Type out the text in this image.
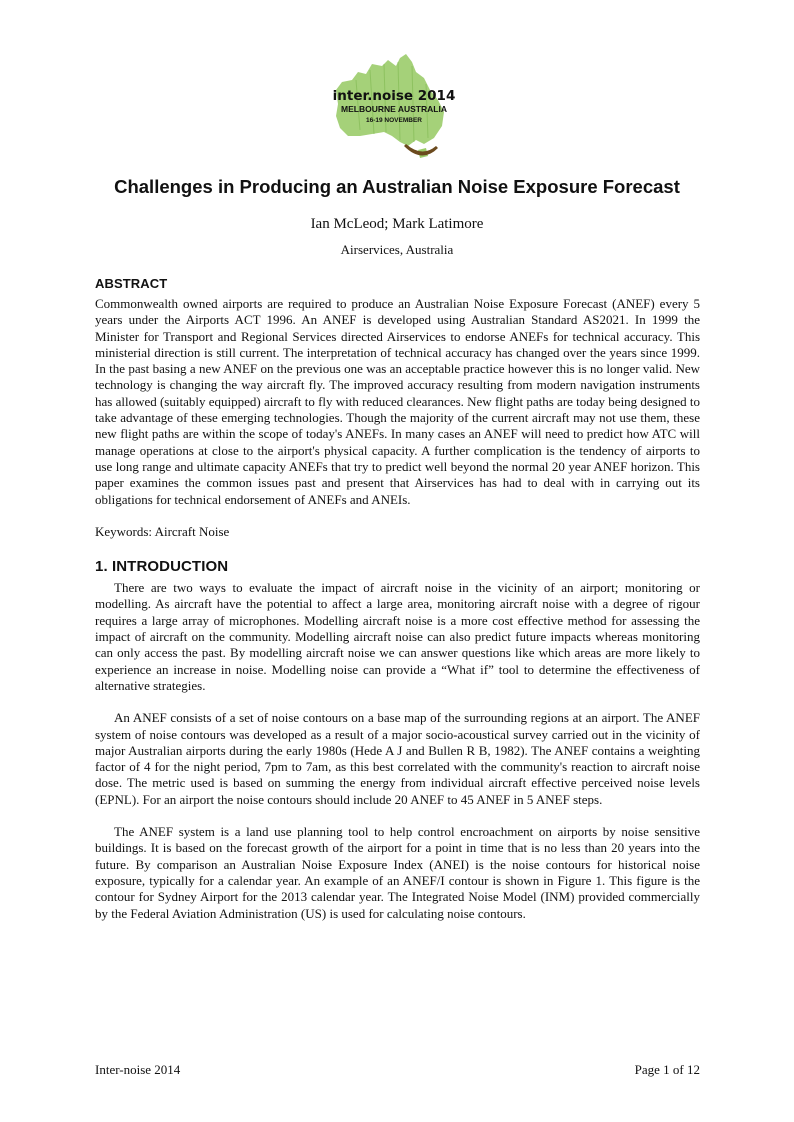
inter.noise 2014
MELBOURNE AUSTRALIA
16-19 NOVEMBER
Challenges in Producing an Australian Noise Exposure Forecast
Ian McLeod; Mark Latimore
Airservices, Australia
ABSTRACT

Commonwealth owned airports are required to produce an Australian Noise Exposure Forecast (ANEF) every 5 years under the Airports ACT 1996. An ANEF is developed using Australian Standard AS2021. In 1999 the Minister for Transport and Regional Services directed Airservices to endorse ANEFs for technical accuracy. This ministerial direction is still current. The interpretation of technical accuracy has changed over the years since 1999. In the past basing a new ANEF on the previous one was an acceptable practice however this is no longer valid. New technology is changing the way aircraft fly. The improved accuracy resulting from modern navigation instruments has allowed (suitably equipped) aircraft to fly with reduced clearances. New flight paths are today being designed to take advantage of these emerging technologies. Though the majority of the current aircraft may not use them, these new flight paths are within the scope of today's ANEFs. In many cases an ANEF will need to predict how ATC will manage operations at close to the airport's physical capacity. A further complication is the tendency of airports to use long range and ultimate capacity ANEFs that try to predict well beyond the normal 20 year ANEF horizon. This paper examines the common issues past and present that Airservices has had to deal with in carrying out its obligations for technical endorsement of ANEFs and ANEIs.

Keywords: Aircraft Noise

1. INTRODUCTION

There are two ways to evaluate the impact of aircraft noise in the vicinity of an airport; monitoring or modelling. As aircraft have the potential to affect a large area, monitoring aircraft noise with a degree of rigour requires a large array of microphones. Modelling aircraft noise is a more cost effective method for assessing the impact of aircraft on the community. Modelling aircraft noise can also predict future impacts whereas monitoring can only access the past. By modelling aircraft noise we can answer questions like which areas are more likely to experience an increase in noise. Modelling noise can provide a “What if” tool to determine the effectiveness of alternative strategies.

An ANEF consists of a set of noise contours on a base map of the surrounding regions at an airport. The ANEF system of noise contours was developed as a result of a major socio-acoustical survey carried out in the vicinity of major Australian airports during the early 1980s (Hede A J and Bullen R B, 1982). The ANEF contains a weighting factor of 4 for the night period, 7pm to 7am, as this best correlated with the community's reaction to aircraft noise dose. The metric used is based on summing the energy from individual aircraft effective perceived noise levels (EPNL). For an airport the noise contours should include 20 ANEF to 45 ANEF in 5 ANEF steps.

The ANEF system is a land use planning tool to help control encroachment on airports by noise sensitive buildings. It is based on the forecast growth of the airport for a point in time that is no less than 20 years into the future. By comparison an Australian Noise Exposure Index (ANEI) is the noise contours for historical noise exposure, typically for a calendar year. An example of an ANEF/I contour is shown in Figure 1. This figure is the contour for Sydney Airport for the 2013 calendar year. The Integrated Noise Model (INM) provided commercially by the Federal Aviation Administration (US) is used for calculating noise contours.

Inter-noise 2014	Page 1 of 12
